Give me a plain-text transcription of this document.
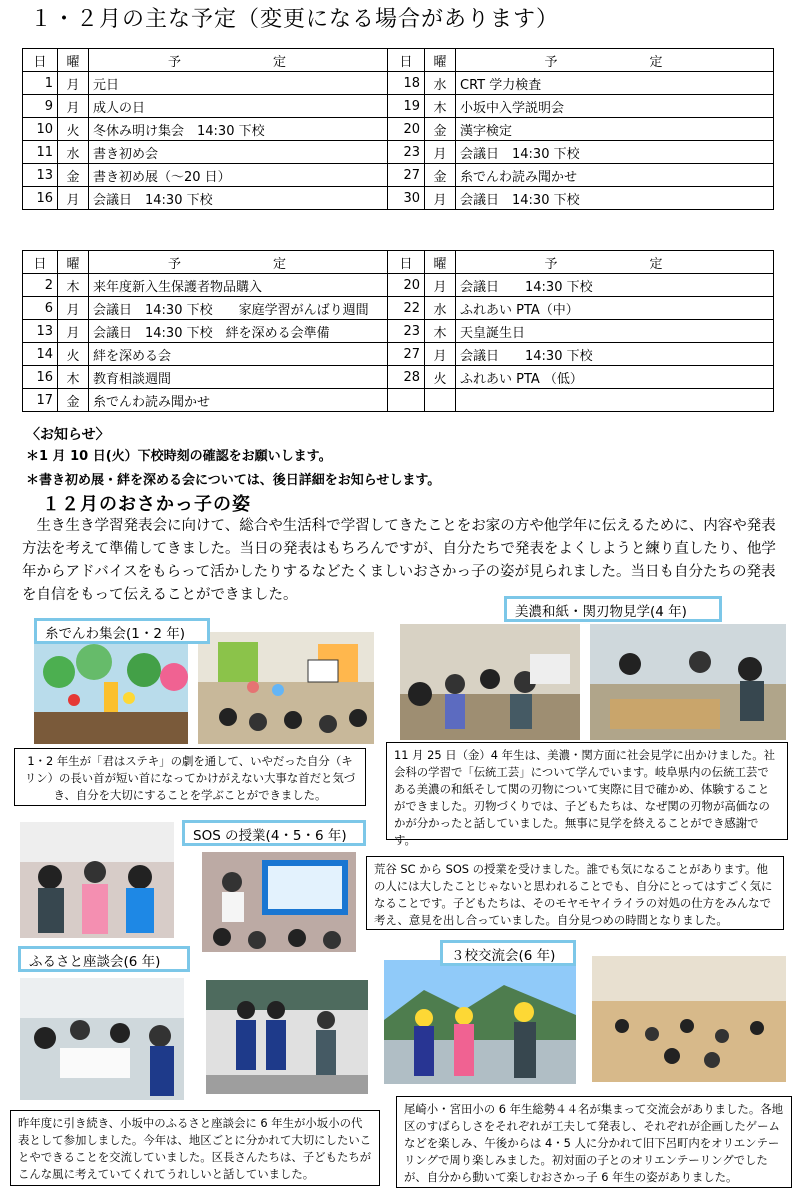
１・２月の主な予定（変更になる場合があります）
日	曜	予　　定	日	曜	予　　定
1	月	元日	18	水	CRT 学力検査
9	月	成人の日	19	木	小坂中入学説明会
10	火	冬休み明け集会　14:30 下校	20	金	漢字検定
11	水	書き初め会	23	月	会議日　14:30 下校
13	金	書き初め展（～20 日）	27	金	糸でんわ読み聞かせ
16	月	会議日　14:30 下校	30	月	会議日　14:30 下校
日	曜	予　　定	日	曜	予　　定
2	木	来年度新入生保護者物品購入	20	月	会議日　　14:30 下校
6	月	会議日　14:30 下校　　家庭学習がんばり週間	22	水	ふれあい PTA（中）
13	月	会議日　14:30 下校　絆を深める会準備	23	木	天皇誕生日
14	火	絆を深める会	27	月	会議日　　14:30 下校
16	木	教育相談週間	28	火	ふれあい PTA （低）
17	金	糸でんわ読み聞かせ			
〈お知らせ〉
＊1 月 10 日(火）下校時刻の確認をお願いします。
＊書き初め展・絆を深める会については、後日詳細をお知らせします。
１２月のおさかっ子の姿
生き生き学習発表会に向けて、総合や生活科で学習してきたことをお家の方や他学年に伝えるために、内容や発表方法を考えて準備してきました。当日の発表はもちろんですが、自分たちで発表をよくしようと練り直したり、他学年からアドバイスをもらって活かしたりするなどたくましいおさかっ子の姿が見られました。当日も自分たちの発表を自信をもって伝えることができました。
糸でんわ集会(1・2 年)
美濃和紙・関刃物見学(4 年)
SOS の授業(4・5・6 年)
ふるさと座談会(6 年)	３校交流会(6 年)
1・2 年生が「君はステキ」の劇を通して、いやだった自分（キリン）の長い首が短い首になってかけがえない大事な首だと気づき、自分を大切にすることを学ぶことができました。
11 月 25 日（金）4 年生は、美濃・関方面に社会見学に出かけました。社会科の学習で「伝統工芸」について学んでいます。岐阜県内の伝統工芸である美濃の和紙そして関の刃物について実際に目で確かめ、体験することができました。刃物づくりでは、子どもたちは、なぜ関の刃物が高価なのかが分かったと話していました。無事に見学を終えることができ感謝です。
荒谷 SC から SOS の授業を受けました。誰でも気になることがあります。他の人には大したことじゃないと思われることでも、自分にとってはすごく気になることです。子どもたちは、そのモヤモヤイライラの対処の仕方をみんなで考え、意見を出し合っていました。自分見つめの時間となりました。
昨年度に引き続き、小坂中のふるさと座談会に 6 年生が小坂小の代表として参加しました。今年は、地区ごとに分かれて大切にしたいことやできることを交流していました。区長さんたちは、子どもたちがこんな風に考えていてくれてうれしいと話していました。
尾崎小・宮田小の 6 年生総勢４４名が集まって交流会がありました。各地区のすばらしさをそれぞれが工夫して発表し、それぞれが企画したゲームなどを楽しみ、午後からは 4・5 人に分かれて旧下呂町内をオリエンテーリングで周り楽しみました。初対面の子とのオリエンテーリングでしたが、自分から動いて楽しむおさかっ子 6 年生の姿がありました。
